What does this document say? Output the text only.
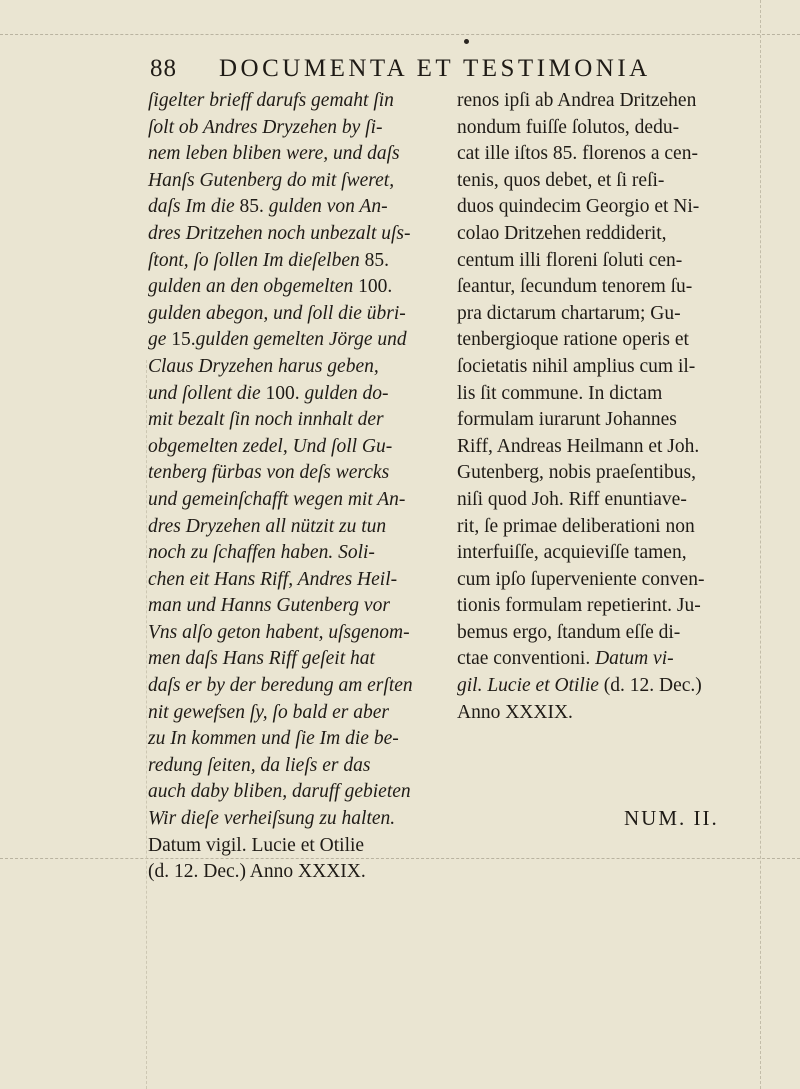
88 DOCUMENTA ET TESTIMONIA
ſigelter brieff darufs gemaht ſin
ſolt ob Andres Dryzehen by ſi-
nem leben bliben were, und daſs
Hanſs Gutenberg do mit ſweret,
daſs Im die 85. gulden von An-
dres Dritzehen noch unbezalt uſs-
ſtont, ſo ſollen Im dieſelben 85.
gulden an den obgemelten 100.
gulden abegon, und ſoll die übri-
ge 15.gulden gemelten Jörge und
Claus Dryzehen harus geben,
und ſollent die 100. gulden do-
mit bezalt ſin noch innhalt der
obgemelten zedel, Und ſoll Gu-
tenberg fürbas von deſs wercks
und gemeinſchafft wegen mit An-
dres Dryzehen all nützit zu tun
noch zu ſchaffen haben. Soli-
chen eit Hans Riff, Andres Heil-
man und Hanns Gutenberg vor
Vns alſo geton habent, uſsgenom-
men daſs Hans Riff geſeit hat
daſs er by der beredung am erſten
nit gewefsen ſy, ſo bald er aber
zu In kommen und ſie Im die be-
redung ſeiten, da lieſs er das
auch daby bliben, daruff gebieten
Wir dieſe verheiſsung zu halten.
Datum vigil. Lucie et Otilie
(d. 12. Dec.) Anno XXXIX.
renos ipſi ab Andrea Dritzehen
nondum fuiſſe ſolutos, dedu-
cat ille iſtos 85. florenos a cen-
tenis, quos debet, et ſi reſi-
duos quindecim Georgio et Ni-
colao Dritzehen reddiderit,
centum illi floreni ſoluti cen-
ſeantur, ſecundum tenorem ſu-
pra dictarum chartarum; Gu-
tenbergioque ratione operis et
ſocietatis nihil amplius cum il-
lis ſit commune. In dictam
formulam iurarunt Johannes
Riff, Andreas Heilmann et Joh.
Gutenberg, nobis praeſentibus,
niſi quod Joh. Riff enuntiave-
rit, ſe primae deliberationi non
interfuiſſe, acquieviſſe tamen,
cum ipſo ſuperveniente conven-
tionis formulam repetierint. Ju-
bemus ergo, ſtandum eſſe di-
ctae conventioni. Datum vi-
gil. Lucie et Otilie (d. 12. Dec.)
Anno XXXIX.
NUM. II.
